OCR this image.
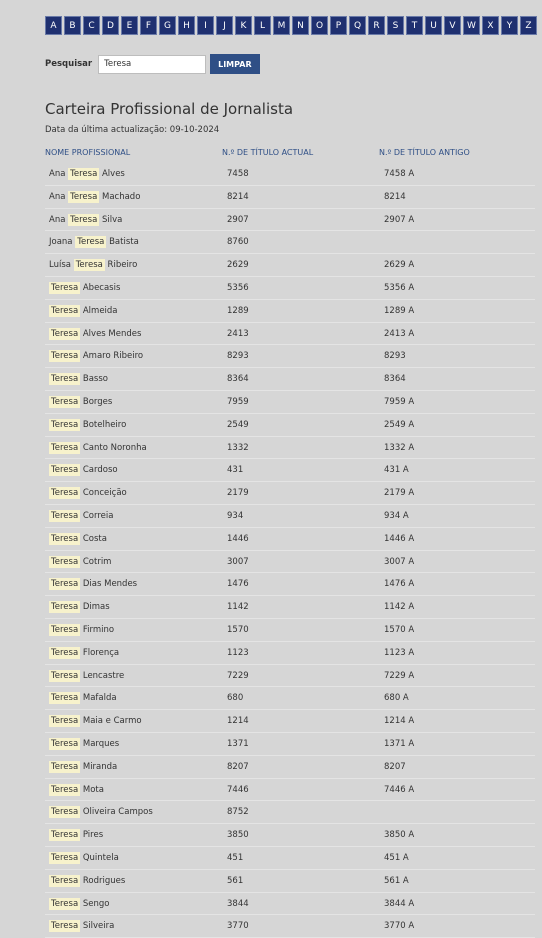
A	B	C	D	E	F	G	H	I	J	K	L	M	N	O	P	Q	R	S	T	U	V	W	X	Y	Z
Pesquisar
Teresa	LIMPAR
Carteira Profissional de Jornalista
Data da última actualização: 09-10-2024
NOME PROFISSIONAL	N.º DE TÍTULO ACTUAL	N.º DE TÍTULO ANTIGO
Ana Teresa Alves	7458	7458 A
Ana Teresa Machado	8214	8214
Ana Teresa Silva	2907	2907 A
Joana Teresa Batista	8760
Luísa Teresa Ribeiro	2629	2629 A
Teresa Abecasis	5356	5356 A
Teresa Almeida	1289	1289 A
Teresa Alves Mendes	2413	2413 A
Teresa Amaro Ribeiro	8293	8293
Teresa Basso	8364	8364
Teresa Borges	7959	7959 A
Teresa Botelheiro	2549	2549 A
Teresa Canto Noronha	1332	1332 A
Teresa Cardoso	431	431 A
Teresa Conceição	2179	2179 A
Teresa Correia	934	934 A
Teresa Costa	1446	1446 A
Teresa Cotrim	3007	3007 A
Teresa Dias Mendes	1476	1476 A
Teresa Dimas	1142	1142 A
Teresa Firmino	1570	1570 A
Teresa Florença	1123	1123 A
Teresa Lencastre	7229	7229 A
Teresa Mafalda	680	680 A
Teresa Maia e Carmo	1214	1214 A
Teresa Marques	1371	1371 A
Teresa Miranda	8207	8207
Teresa Mota	7446	7446 A
Teresa Oliveira Campos	8752
Teresa Pires	3850	3850 A
Teresa Quintela	451	451 A
Teresa Rodrigues	561	561 A
Teresa Sengo	3844	3844 A
Teresa Silveira	3770	3770 A
